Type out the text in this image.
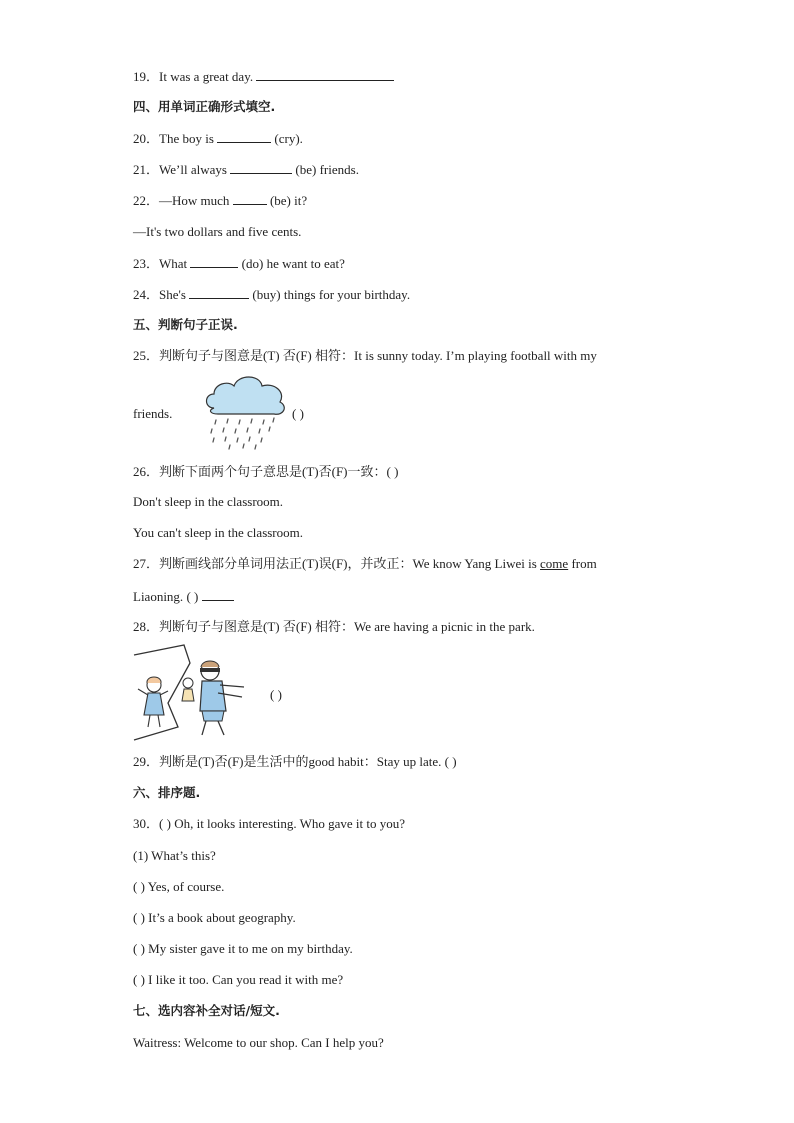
19．It was a great day.
四、用单词正确形式填空.
20．The boy is	(cry).
21．We’ll always	(be) friends.
22．—How much	(be) it?
—It's two dollars and five cents.
23．What	(do) he want to eat?
24．She's	(buy) things for your birthday.
五、判断句子正误.
25．判断句子与图意是(T) 否(F) 相符：It is sunny today. I’m playing football with my
friends.	( )
26．判断下面两个句子意思是(T)否(F)一致：( )
Don't sleep in the classroom.
You can't sleep in the classroom.
27．判断画线部分单词用法正(T)误(F)，并改正：We know Yang Liwei is come from
Liaoning. ( )
28．判断句子与图意是(T) 否(F) 相符：We are having a picnic in the park.
( )
29．判断是(T)否(F)是生活中的good habit：Stay up late. ( )
六、排序题.
30．( ) Oh, it looks interesting. Who gave it to you?
(1) What’s this?
( ) Yes, of course.
( ) It’s a book about geography.
( ) My sister gave it to me on my birthday.
( ) I like it too. Can you read it with me?
七、选内容补全对话/短文.
Waitress: Welcome to our shop. Can I help you?
